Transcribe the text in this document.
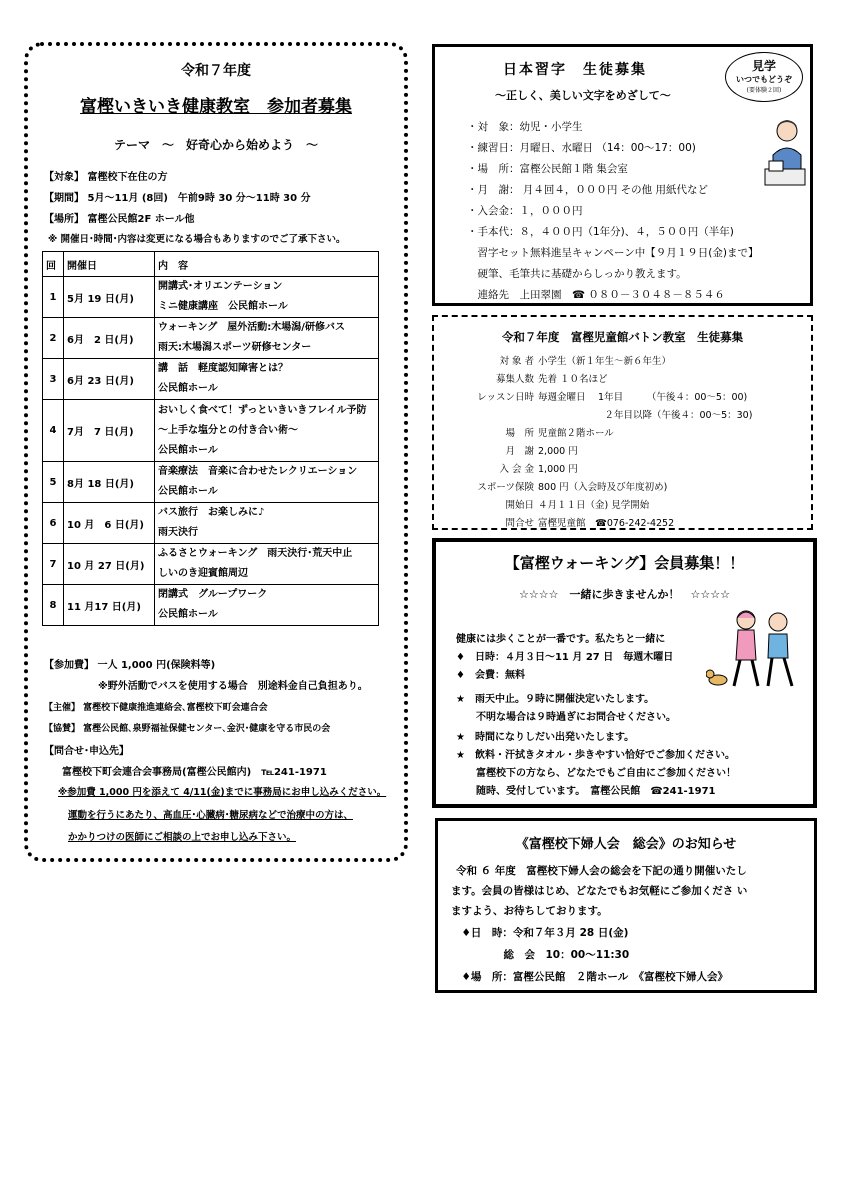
令和７年度
富樫いきいき健康教室　参加者募集
テーマ　～　好奇心から始めよう　～
【対象】 富樫校下在住の方
【期間】 5月～11月 (8回)　午前9時 30 分～11時 30 分
【場所】 富樫公民館2F ホール他
※ 開催日･時間･内容は変更になる場合もありますのでご了承下さい。
回	開催日	内　容
1	5月 19 日(月)	開講式･オリエンテーション
ミニ健康講座　公民館ホール

2	6月　2 日(月)	ウォーキング　屋外活動:木場潟/研修バス
雨天:木場潟スポーツ研修センター

3	6月 23 日(月)	講　話　軽度認知障害とは？
公民館ホール

4	7月　7 日(月)	おいしく食べて！ずっといきいきフレイル予防
～上手な塩分との付き合い術～
公民館ホール

5	8月 18 日(月)	音楽療法　音楽に合わせたレクリエーション
公民館ホール

6	10 月　6 日(月)	バス旅行　お楽しみに♪
雨天決行

7	10 月 27 日(月)	ふるさとウォーキング　雨天決行･荒天中止
しいのき迎賓館周辺

8	11 月17 日(月)	閉講式　グループワーク
公民館ホール
【参加費】 一人 1,000 円(保険料等)
※野外活動でバスを使用する場合　別途料金自己負担あり。
【主催】 富樫校下健康推進連絡会､富樫校下町会連合会
【協賛】 富樫公民館､泉野福祉保健センター､金沢･健康を守る市民の会
【問合せ･申込先】
富樫校下町会連合会事務局(富樫公民館内)　℡241-1971
※参加費 1,000 円を添えて 4/11(金)までに事務局にお申し込みください。
運動を行うにあたり、高血圧･心臓病･糖尿病などで治療中の方は、
かかりつけの医師にご相談の上でお申し込み下さい。
日本習字　生徒募集
～正しく、美しい文字をめざして～
見学
いつでもどうぞ
(要体験２回)
・対　象：幼児・小学生
・練習日：月曜日、水曜日 （14：00～17：00)
・場　所：富樫公民館１階 集会室
・月　謝： 月４回４，０００円 その他 用紙代など
・入会金：１，０００円
・手本代：８，４００円（1年分)、４，５００円（半年)
　習字セット無料進呈キャンペーン中【９月１９日(金)まで】
　硬筆、毛筆共に基礎からしっかり教えます。
　連絡先　上田翠園　☎ ０８０－３０４８－８５４６
令和７年度　富樫児童館バトン教室　生徒募集
対 象 者 小学生（新１年生～新６年生）
募集人数 先着 １０名ほど
レッスン日時 毎週金曜日　 1年目　　　（午後４：00～5：00)
　　　　　　　２年目以降（午後４：00～5：30)
場　所 児童館２階ホール
月　謝 2,000 円
入 会 金 1,000 円
スポーツ保険 800 円（入会時及び年度初め)
開始日 ４月１１日（金) 見学開始
問合せ 富樫児童館　☎076-242-4252
【富樫ウォーキング】会員募集！！
☆☆☆☆　一緒に歩きませんか！　☆☆☆☆
健康には歩くことが一番です。私たちと一緒に
♦　日時：４月３日～11 月 27 日　毎週木曜日
♦　会費：無料
★　雨天中止。９時に開催決定いたします。
　　不明な場合は９時過ぎにお問合せください。
★　時間になりしだい出発いたします。
★　飲料・汗拭きタオル・歩きやすい恰好でご参加ください。
　　富樫校下の方なら、どなたでもご自由にご参加ください！
　　随時、受付しています。　富樫公民館　☎241-1971
《富樫校下婦人会　総会》のお知らせ
令和 ６ 年度　富樫校下婦人会の総会を下記の通り開催いたし
ます。会員の皆様はじめ、どなたでもお気軽にご参加くださ い
ますよう、お待ちしております。
　♦日　時：令和７年３月 28 日(金)
　　　　　総　会　10：00～11:30
　♦場　所：富樫公民館　２階ホール　《富樫校下婦人会》
